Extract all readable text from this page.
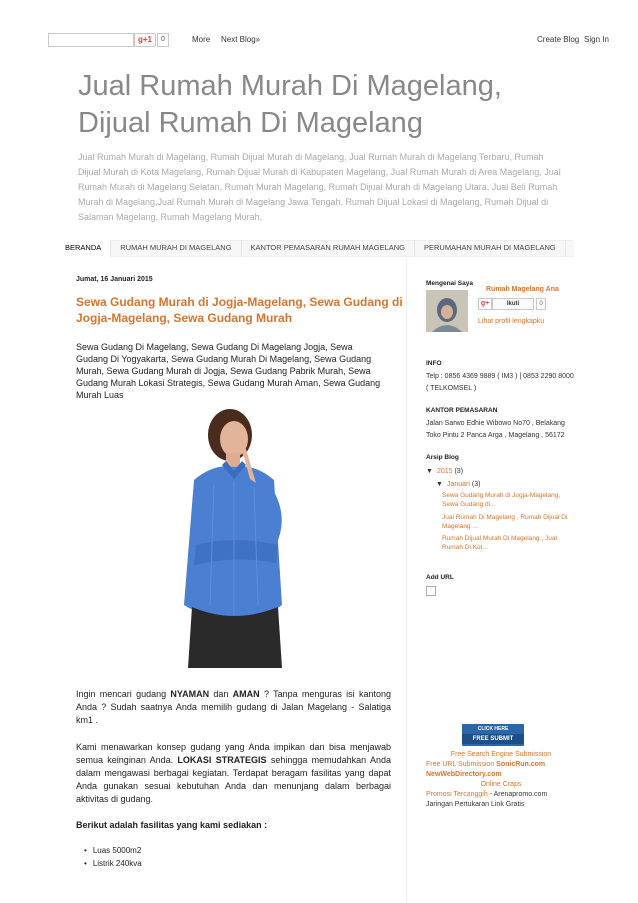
g+1	0	More Next Blog»	Create Blog Sign In
Jual Rumah Murah Di Magelang, Dijual Rumah Di Magelang

Jual Rumah Murah di Magelang, Rumah Dijual Murah di Magelang, Jual Rumah Murah di Magelang Terbaru, Rumah Dijual Murah di Kota Magelang, Rumah Dijual Murah di Kabupaten Magelang, Jual Rumah Murah di Area Magelang, Jual Rumah Murah di Magelang Selatan, Rumah Murah Magelang, Rumah Dijual Murah di Magelang Utara, Jual Beli Rumah Murah di Magelang,Jual Rumah Murah di Magelang Jawa Tengah, Rumah Dijual Lokasi di Magelang, Rumah Dijual di Salaman Magelang, Rumah Magelang Murah,

BERANDA	RUMAH MURAH DI MAGELANG	KANTOR PEMASARAN RUMAH MAGELANG	PERUMAHAN MURAH DI MAGELANG
Jumat, 16 Januari 2015
Sewa Gudang Murah di Jogja-Magelang, Sewa Gudang di Jogja-Magelang, Sewa Gudang Murah

Sewa Gudang Di Magelang, Sewa Gudang Di Magelang Jogja, Sewa Gudang Di Yogyakarta, Sewa Gudang Murah Di Magelang, Sewa Gudang Murah, Sewa Gudang Murah di Jogja, Sewa Gudang Pabrik Murah, Sewa Gudang Murah Lokasi Strategis, Sewa Gudang Murah Aman, Sewa Gudang Murah Luas

Ingin mencari gudang NYAMAN dan AMAN ? Tanpa menguras isi kantong Anda ? Sudah saatnya Anda memilih gudang di Jalan Magelang - Salatiga km1 .

Kami menawarkan konsep gudang yang Anda impikan dan bisa menjawab semua keinginan Anda. LOKASI STRATEGIS sehingga memudahkan Anda dalam mengawasi berbagai kegiatan. Terdapat beragam fasilitas yang dapat Anda gunakan sesuai kebutuhan Anda dan menunjang dalam berbagai aktivitas di gudang.

Berikut adalah fasilitas yang kami sediakan :

• Luas 5000m2
• Listrik 240kva
Mengenai Saya
Rumah Magelang Ana
g+	Ikuti	0
Lihat profil lengkapku
INFO
Telp : 0856 4369 9889 ( IM3 ) | 0853 2290 8000 ( TELKOMSEL )
KANTOR PEMASARAN
Jalan Sarwo Edhie Wibowo No70 , Belakang Toko Pintu 2 Panca Arga , Magelang , 56172
Arsip Blog
▼ 2015 (3)
▼ Januari (3)
Sewa Gudang Murah di Jogja-Magelang, Sewa Gudang di...
Jual Rumah Di Magelang , Rumah Dijual Di Magelang ...
Rumah Dijual Murah Di Magelang , Jual Rumah Di Kot...
Add URL
CLICK HERE
FREE SUBMIT
Free Search Engine Submission
Free URL Submission SonicRun.com
NewWebDirectory.com
Online Craps
Promosi Tercanggih - Arenapromo.com
Jaringan Pertukaran Link Gratis
